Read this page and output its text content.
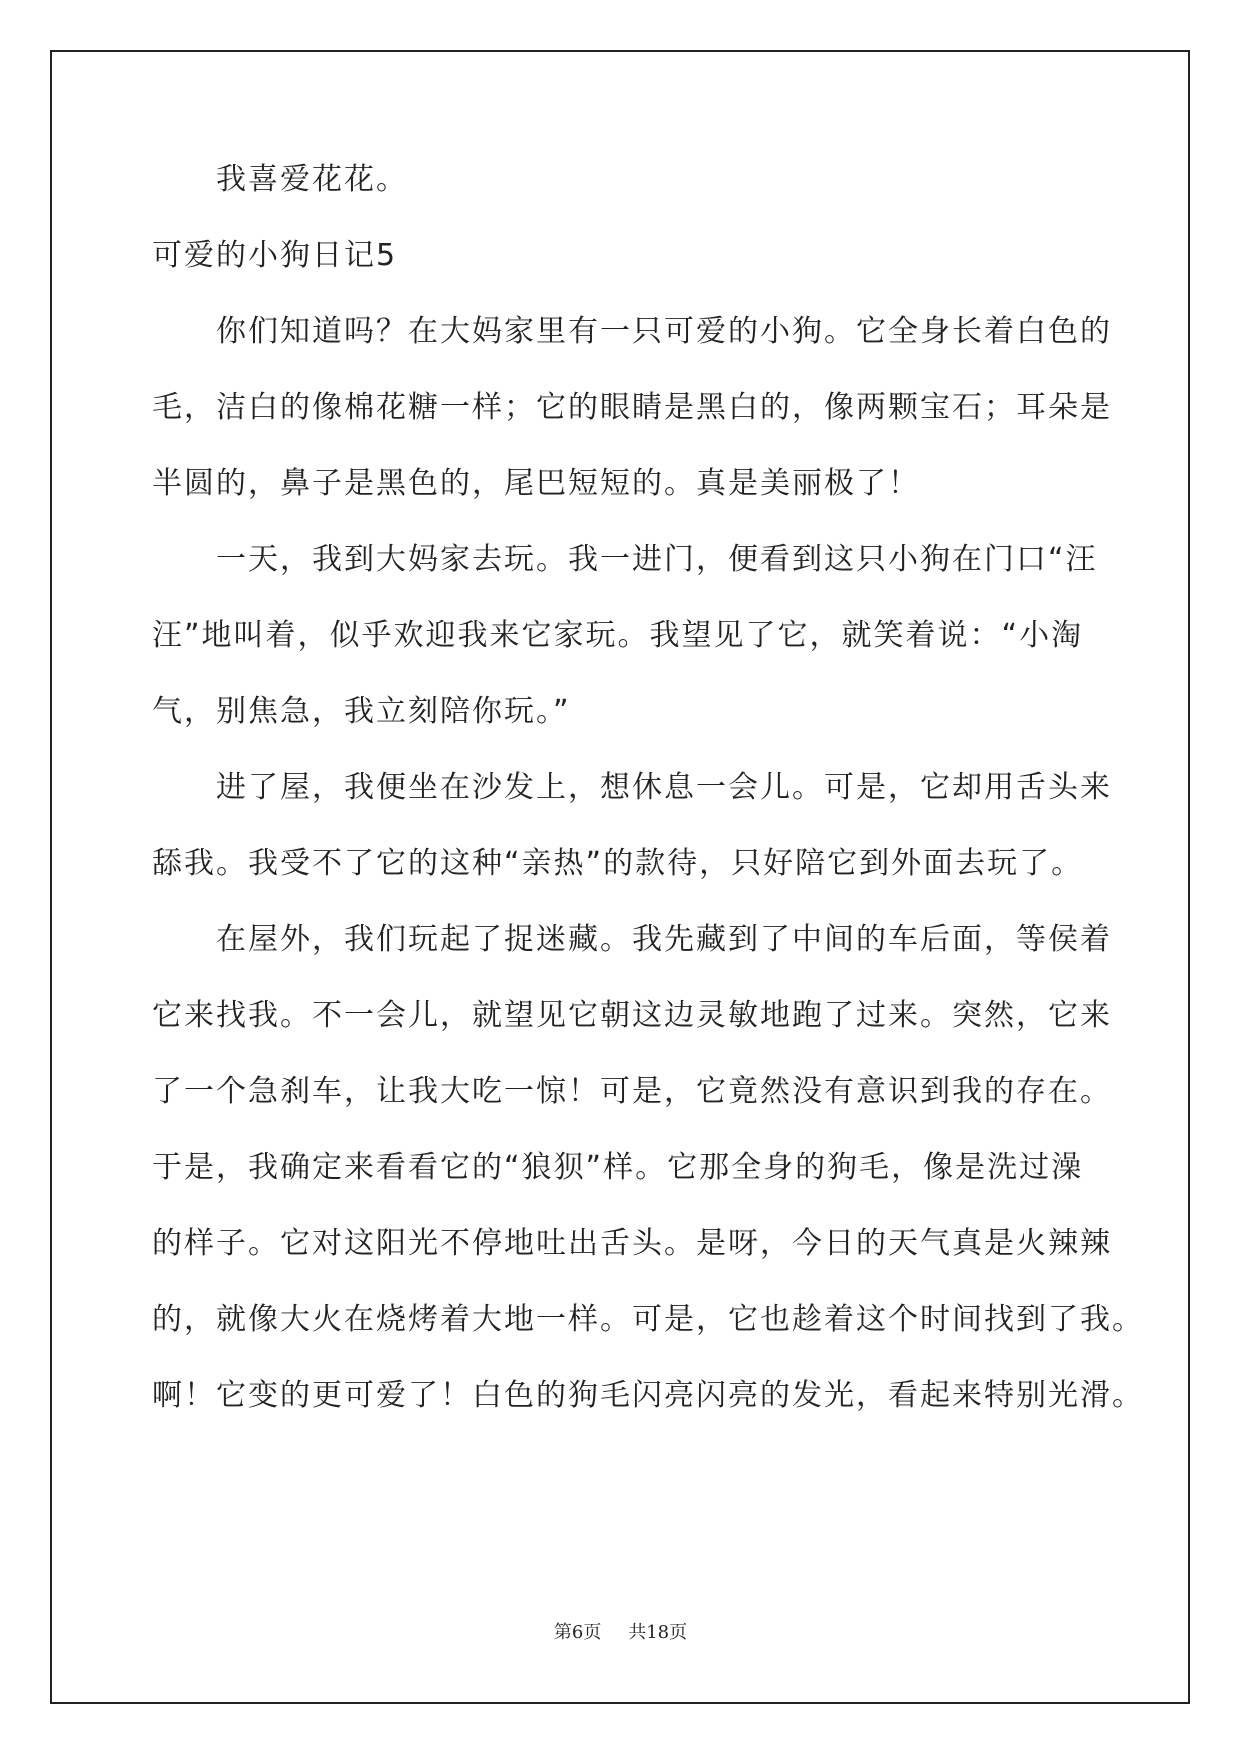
我喜爱花花。
可爱的小狗日记5
你们知道吗？在大妈家里有一只可爱的小狗。它全身长着白色的
毛，洁白的像棉花糖一样；它的眼睛是黑白的，像两颗宝石；耳朵是
半圆的，鼻子是黑色的，尾巴短短的。真是美丽极了！
一天，我到大妈家去玩。我一进门，便看到这只小狗在门口“汪
汪”地叫着，似乎欢迎我来它家玩。我望见了它，就笑着说：“小淘
气，别焦急，我立刻陪你玩。”
进了屋，我便坐在沙发上，想休息一会儿。可是，它却用舌头来
舔我。我受不了它的这种“亲热”的款待，只好陪它到外面去玩了。
在屋外，我们玩起了捉迷藏。我先藏到了中间的车后面，等侯着
它来找我。不一会儿，就望见它朝这边灵敏地跑了过来。突然，它来
了一个急刹车，让我大吃一惊！可是，它竟然没有意识到我的存在。
于是，我确定来看看它的“狼狈”样。它那全身的狗毛，像是洗过澡
的样子。它对这阳光不停地吐出舌头。是呀，今日的天气真是火辣辣
的，就像大火在烧烤着大地一样。可是，它也趁着这个时间找到了我。
啊！它变的更可爱了！白色的狗毛闪亮闪亮的发光，看起来特别光滑。
第6页 共18页
